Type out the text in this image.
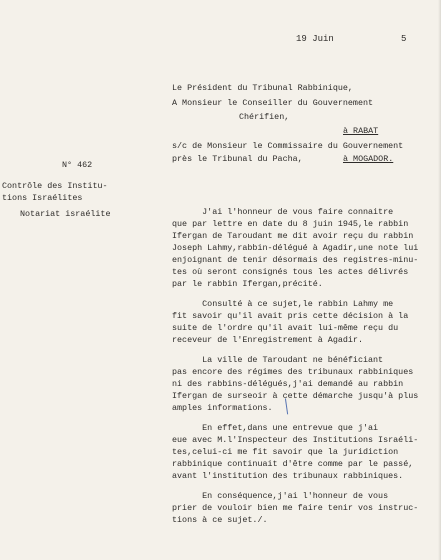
19 Juin	5
Le Président du Tribunal Rabbinique,
A Monsieur le Conseiller du Gouvernement
Chérifien,
à RABAT
s/c de Monsieur le Commissaire du Gouvernement
près le Tribunal du Pacha,	à MOGADOR.
N° 462
Contrôle des Institu-
tions Israélites
Notariat israélite	J'ai l'honneur de vous faire connaitre
que par lettre en date du 8 juin 1945,le rabbin
Ifergan de Taroudant me dit avoir reçu du rabbin
Joseph Lahmy,rabbin-délégué à Agadir,une note lui
enjoignant de tenir désormais des registres-minu-
tes où seront consignés tous les actes délivrés
par le rabbin Ifergan,précité.

Consulté à ce sujet,le rabbin Lahmy me
fit savoir qu'il avait pris cette décision à la
suite de l'ordre qu'il avait lui-même reçu du
receveur de l'Enregistrement à Agadir.

La ville de Taroudant ne bénéficiant
pas encore des régimes des tribunaux rabbiniques
ni des rabbins-délégués,j'ai demandé au rabbin
Ifergan de surseoir à cette démarche jusqu'à plus
amples informations.

En effet,dans une entrevue que j'ai
eue avec M.l'Inspecteur des Institutions Israéli-
tes,celui-ci me fit savoir que la juridiction
rabbinique continuait d'être comme par le passé,
avant l'institution des tribunaux rabbiniques.

En conséquence,j'ai l'honneur de vous
prier de vouloir bien me faire tenir vos instruc-
tions à ce sujet./.
